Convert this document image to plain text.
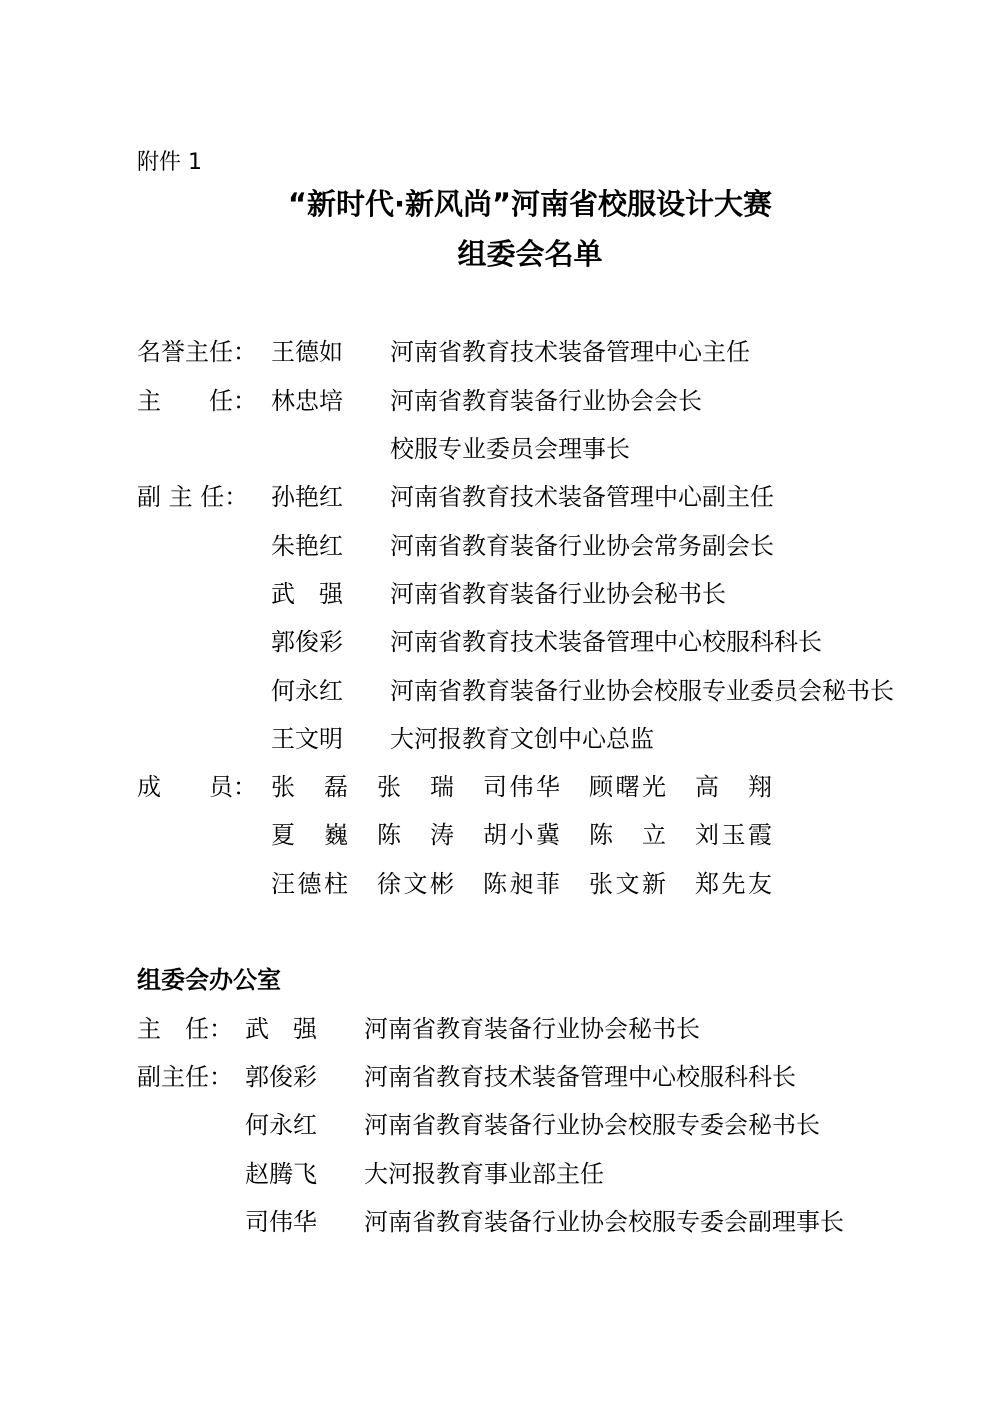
附件 1
“新时代·新风尚”河南省校服设计大赛
组委会名单
名誉主任： 王德如 河南省教育技术装备管理中心主任
主　　任： 林忠培 河南省教育装备行业协会会长
校服专业委员会理事长
副 主 任： 孙艳红 河南省教育技术装备管理中心副主任
朱艳红 河南省教育装备行业协会常务副会长
武　强 河南省教育装备行业协会秘书长
郭俊彩 河南省教育技术装备管理中心校服科科长
何永红 河南省教育装备行业协会校服专业委员会秘书长
王文明 大河报教育文创中心总监
成　　员： 张　磊 张　瑞 司伟华 顾曙光 高　翔
夏　巍 陈　涛 胡小冀 陈　立 刘玉霞
汪德柱 徐文彬 陈昶菲 张文新 郑先友
组委会办公室
主　任： 武　强 河南省教育装备行业协会秘书长
副主任： 郭俊彩 河南省教育技术装备管理中心校服科科长
何永红 河南省教育装备行业协会校服专委会秘书长
赵腾飞 大河报教育事业部主任
司伟华 河南省教育装备行业协会校服专委会副理事长
